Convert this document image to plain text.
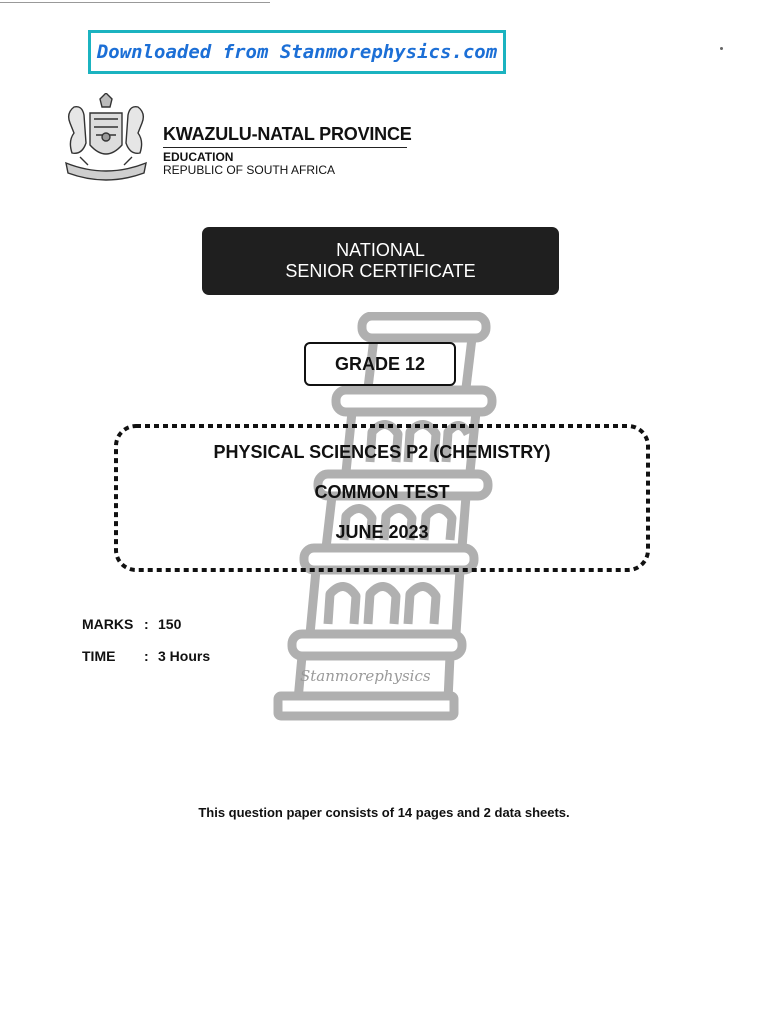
Downloaded from Stanmorephysics.com
KWAZULU-NATAL PROVINCE
EDUCATION
REPUBLIC OF SOUTH AFRICA
NATIONAL
SENIOR CERTIFICATE
Stanmorephysics
GRADE 12
PHYSICAL SCIENCES P2 (CHEMISTRY)
COMMON TEST
JUNE 2023
MARKS : 150
TIME : 3 Hours
This question paper consists of 14 pages and 2 data sheets.
